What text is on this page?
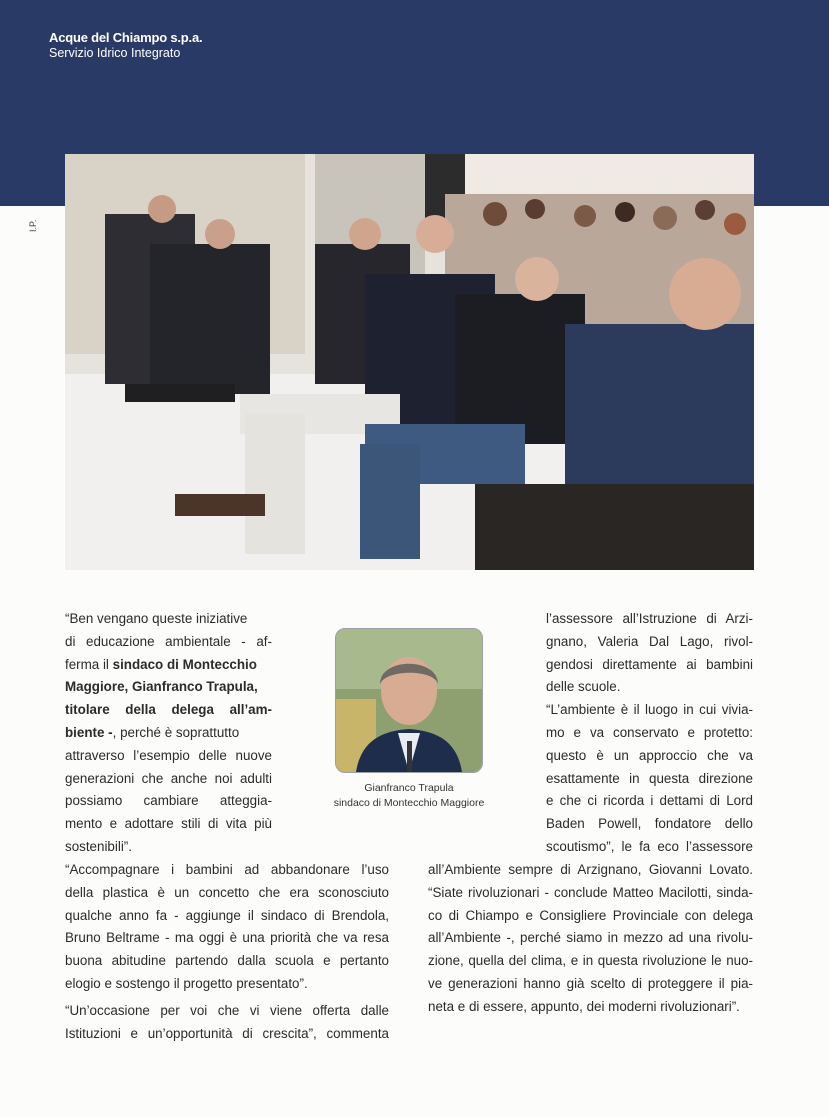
Acque del Chiampo s.p.a.
Servizio Idrico Integrato
I.P.
“Ben vengano queste iniziative
di educazione ambientale - af-
ferma il sindaco di Montecchio
Maggiore, Gianfranco Trapula,
titolare della delega all’am-
biente -, perché è soprattutto
attraverso l’esempio delle nuove
generazioni che anche noi adulti
possiamo cambiare atteggia-
mento e adottare stili di vita più
sostenibili”.
“Accompagnare i bambini ad abbandonare l’uso
della plastica è un concetto che era sconosciuto
qualche anno fa - aggiunge il sindaco di Brendola,
Bruno Beltrame - ma oggi è una priorità che va resa
buona abitudine partendo dalla scuola e pertanto
elogio e sostengo il progetto presentato”.
“Un’occasione per voi che vi viene offerta dalle
Istituzioni e un’opportunità di crescita”, commenta
Gianfranco Trapula
sindaco di Montecchio Maggiore
l’assessore all’Istruzione di Arzi-
gnano, Valeria Dal Lago, rivol-
gendosi direttamente ai bambini
delle scuole.
“L’ambiente è il luogo in cui vivia-
mo e va conservato e protetto:
questo è un approccio che va
esattamente in questa direzione
e che ci ricorda i dettami di Lord
Baden Powell, fondatore dello
scoutismo”, le fa eco l’assessore
all’Ambiente sempre di Arzignano, Giovanni Lovato.
“Siate rivoluzionari - conclude Matteo Macilotti, sinda-
co di Chiampo e Consigliere Provinciale con delega
all’Ambiente -, perché siamo in mezzo ad una rivolu-
zione, quella del clima, e in questa rivoluzione le nuo-
ve generazioni hanno già scelto di proteggere il pia-
neta e di essere, appunto, dei moderni rivoluzionari”.
